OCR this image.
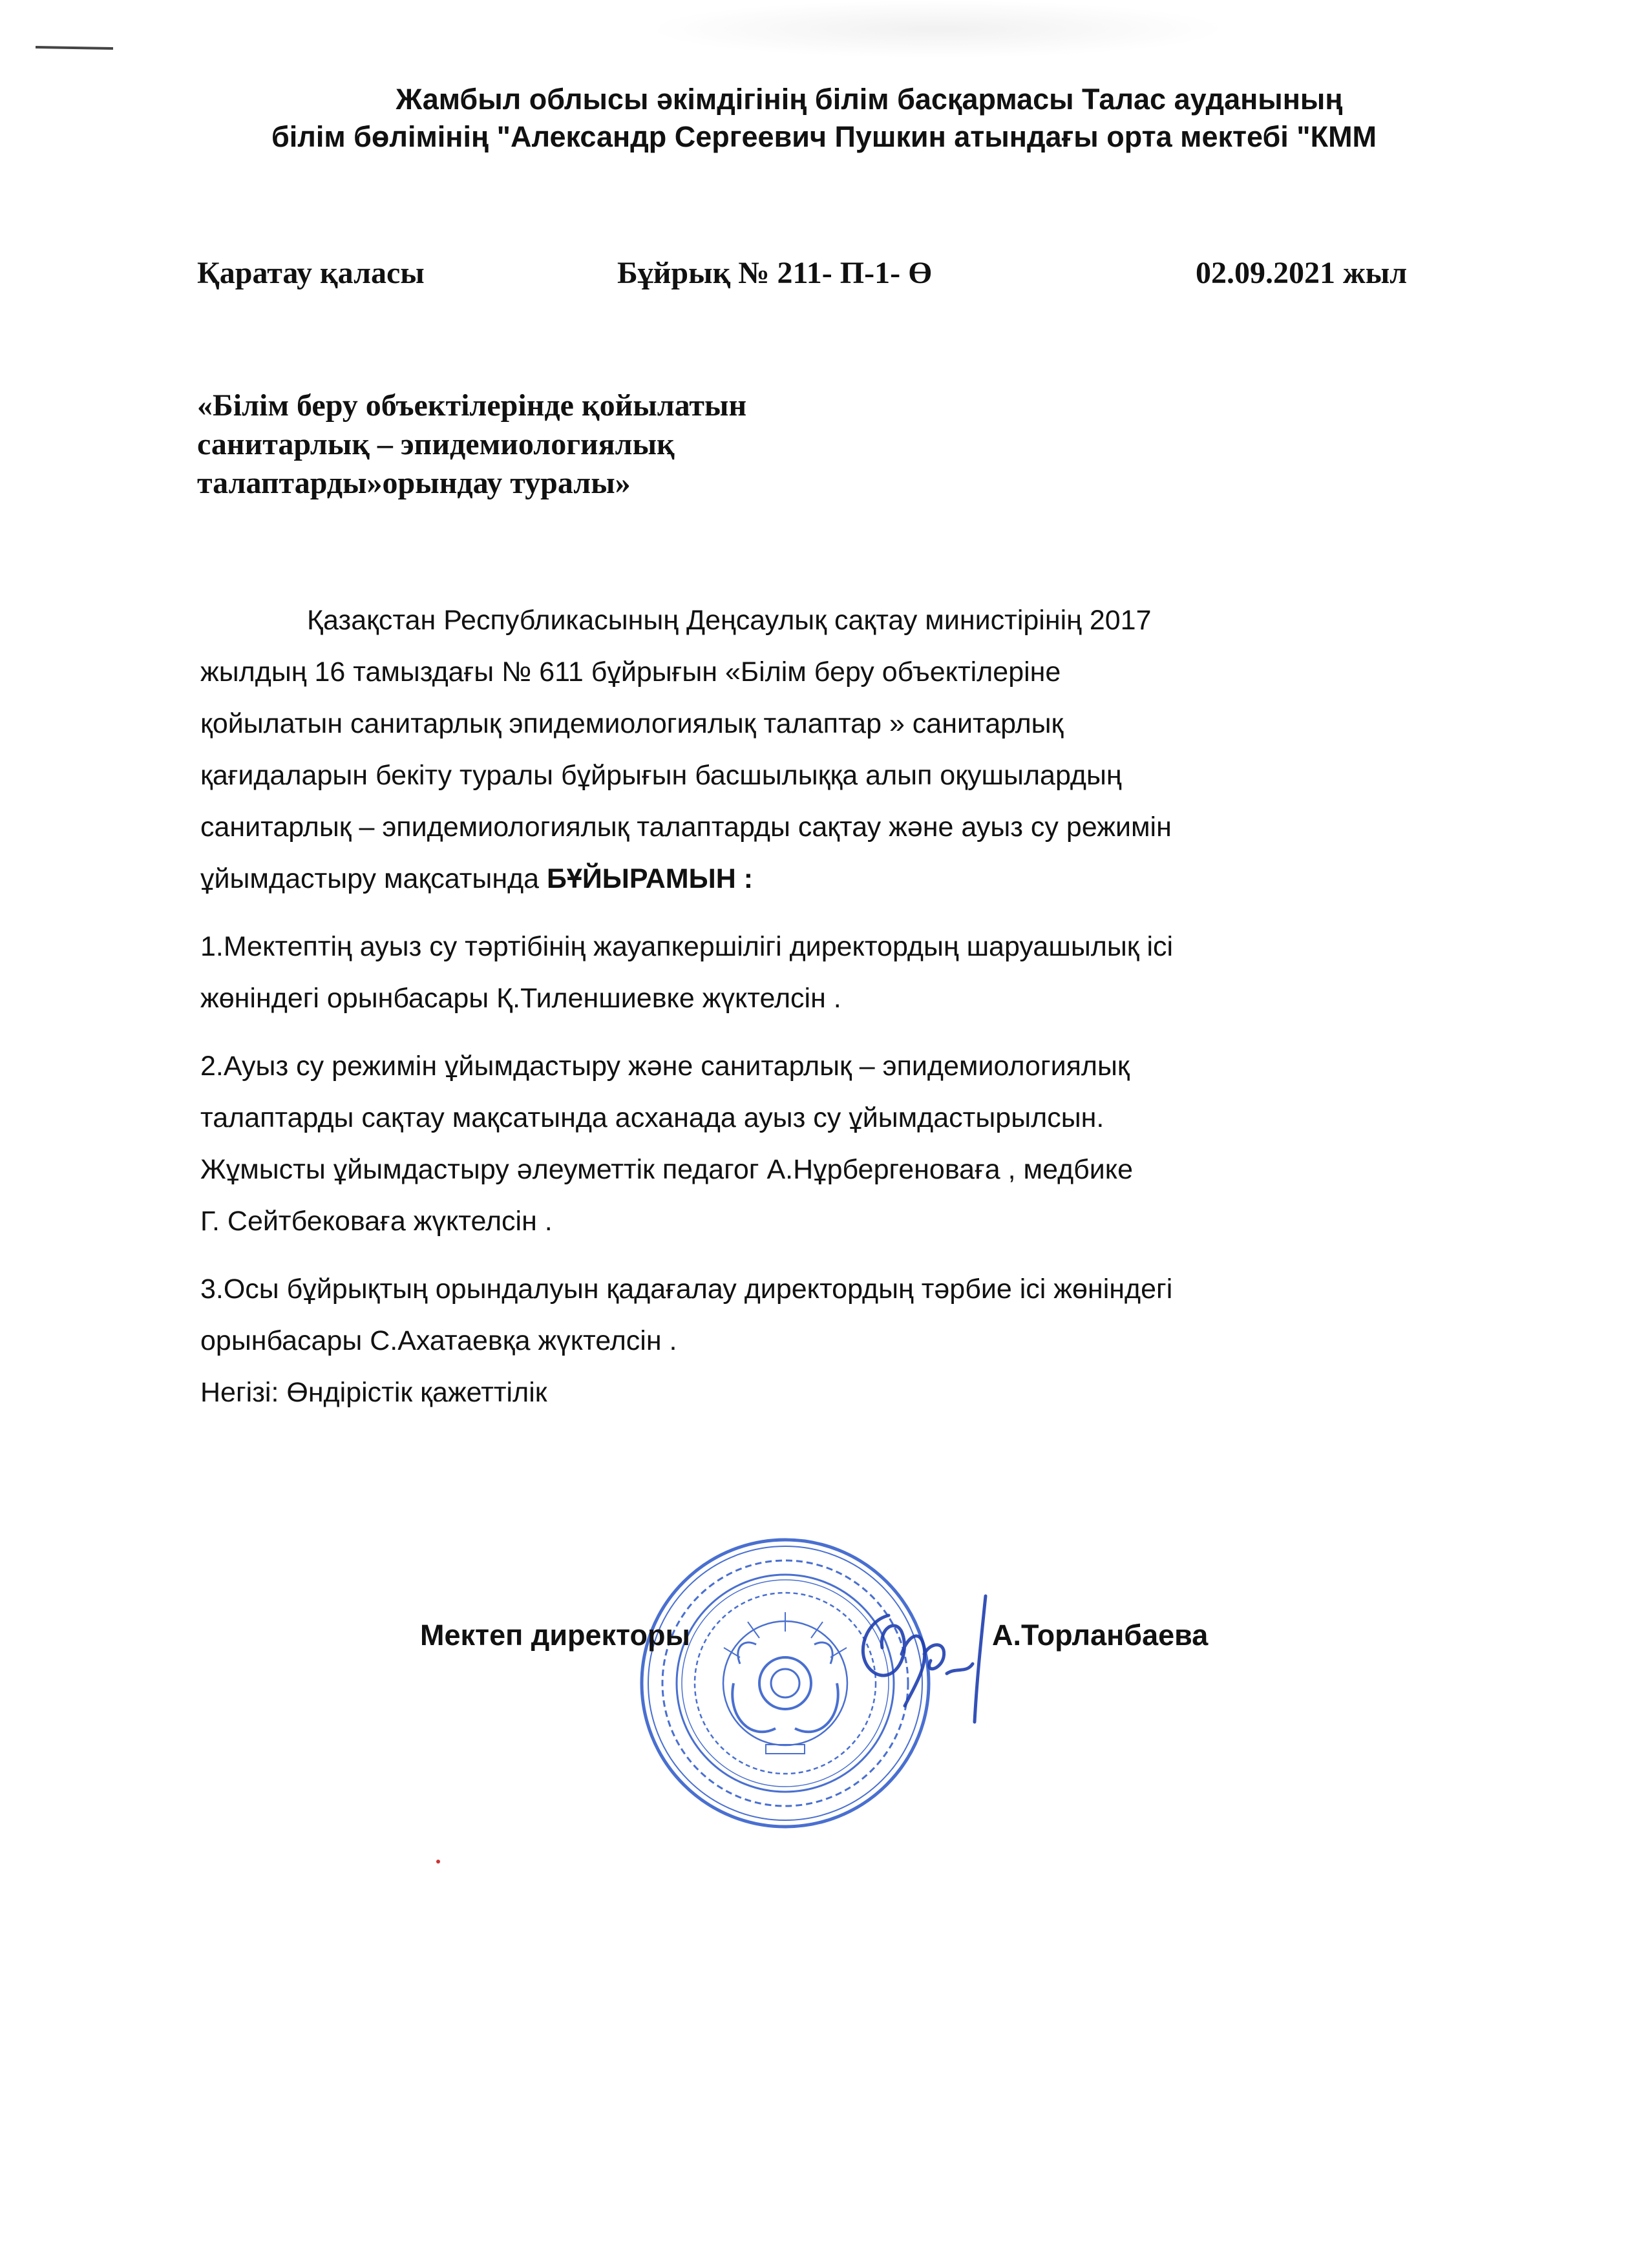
Жамбыл облысы әкімдігінің білім басқармасы Талас ауданының
білім бөлімінің "Александр Сергеевич Пушкин атындағы орта мектебі "КММ
Қаратау қаласы	Бұйрық № 211- П-1- Ө	02.09.2021 жыл
«Білім беру объектілерінде қойылатын
санитарлық – эпидемиологиялық
талаптарды»орындау туралы»
Қазақстан Республикасының Деңсаулық сақтау министірінің 2017
жылдың 16 тамыздағы № 611 бұйрығын «Білім беру объектілеріне
қойылатын санитарлық эпидемиологиялық талаптар » санитарлық
қағидаларын бекіту туралы бұйрығын басшылыққа алып оқушылардың
санитарлық – эпидемиологиялық талаптарды сақтау және ауыз су режимін
ұйымдастыру мақсатында БҰЙЫРАМЫН :
1.Мектептің ауыз су тәртібінің жауапкершілігі директордың шаруашылық ісі
жөніндегі орынбасары Қ.Тиленшиевке жүктелсін .
2.Ауыз су режимін ұйымдастыру және санитарлық – эпидемиологиялық
талаптарды сақтау мақсатында асханада ауыз су ұйымдастырылсын.
Жұмысты ұйымдастыру әлеуметтік педагог А.Нұрбергеноваға , медбике
Г. Сейтбековаға жүктелсін .
3.Осы бұйрықтың орындалуын қадағалау директордың тәрбие ісі жөніндегі
орынбасары С.Ахатаевқа жүктелсін .
Негізі: Өндірістік қажеттілік
Мектеп директоры	А.Торланбаева
